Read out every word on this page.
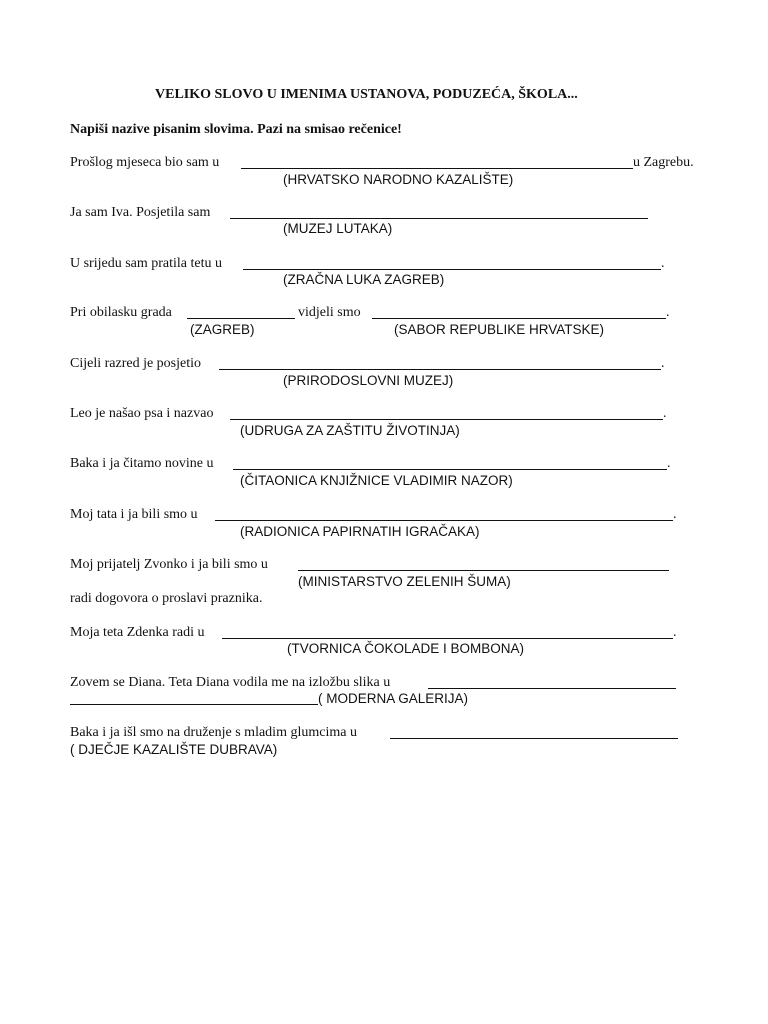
VELIKO SLOVO U IMENIMA USTANOVA, PODUZEĆA, ŠKOLA...
Napiši nazive pisanim slovima. Pazi na smisao rečenice!
Prošlog mjeseca bio sam u	u Zagrebu.
(HRVATSKO NARODNO KAZALIŠTE)
Ja sam Iva. Posjetila sam
(MUZEJ LUTAKA)
U srijedu sam pratila tetu u	.
(ZRAČNA LUKA ZAGREB)
Pri obilasku grada	vidjeli smo	.
(ZAGREB)	(SABOR REPUBLIKE HRVATSKE)
Cijeli razred je posjetio	.
(PRIRODOSLOVNI MUZEJ)
Leo je našao psa i nazvao	.
(UDRUGA ZA ZAŠTITU ŽIVOTINJA)
Baka i ja čitamo novine u	.
(ČITAONICA KNJIŽNICE VLADIMIR NAZOR)
Moj tata i ja bili smo u	.
(RADIONICA PAPIRNATIH IGRAČAKA)
Moj prijatelj Zvonko i ja bili smo u
(MINISTARSTVO ZELENIH ŠUMA)
radi dogovora o proslavi praznika.
Moja teta Zdenka radi u	.
(TVORNICA ČOKOLADE I BOMBONA)
Zovem se Diana. Teta Diana vodila me na izložbu slika u
( MODERNA GALERIJA)
Baka i ja išl smo na druženje s mladim glumcima u
( DJEČJE KAZALIŠTE DUBRAVA)
